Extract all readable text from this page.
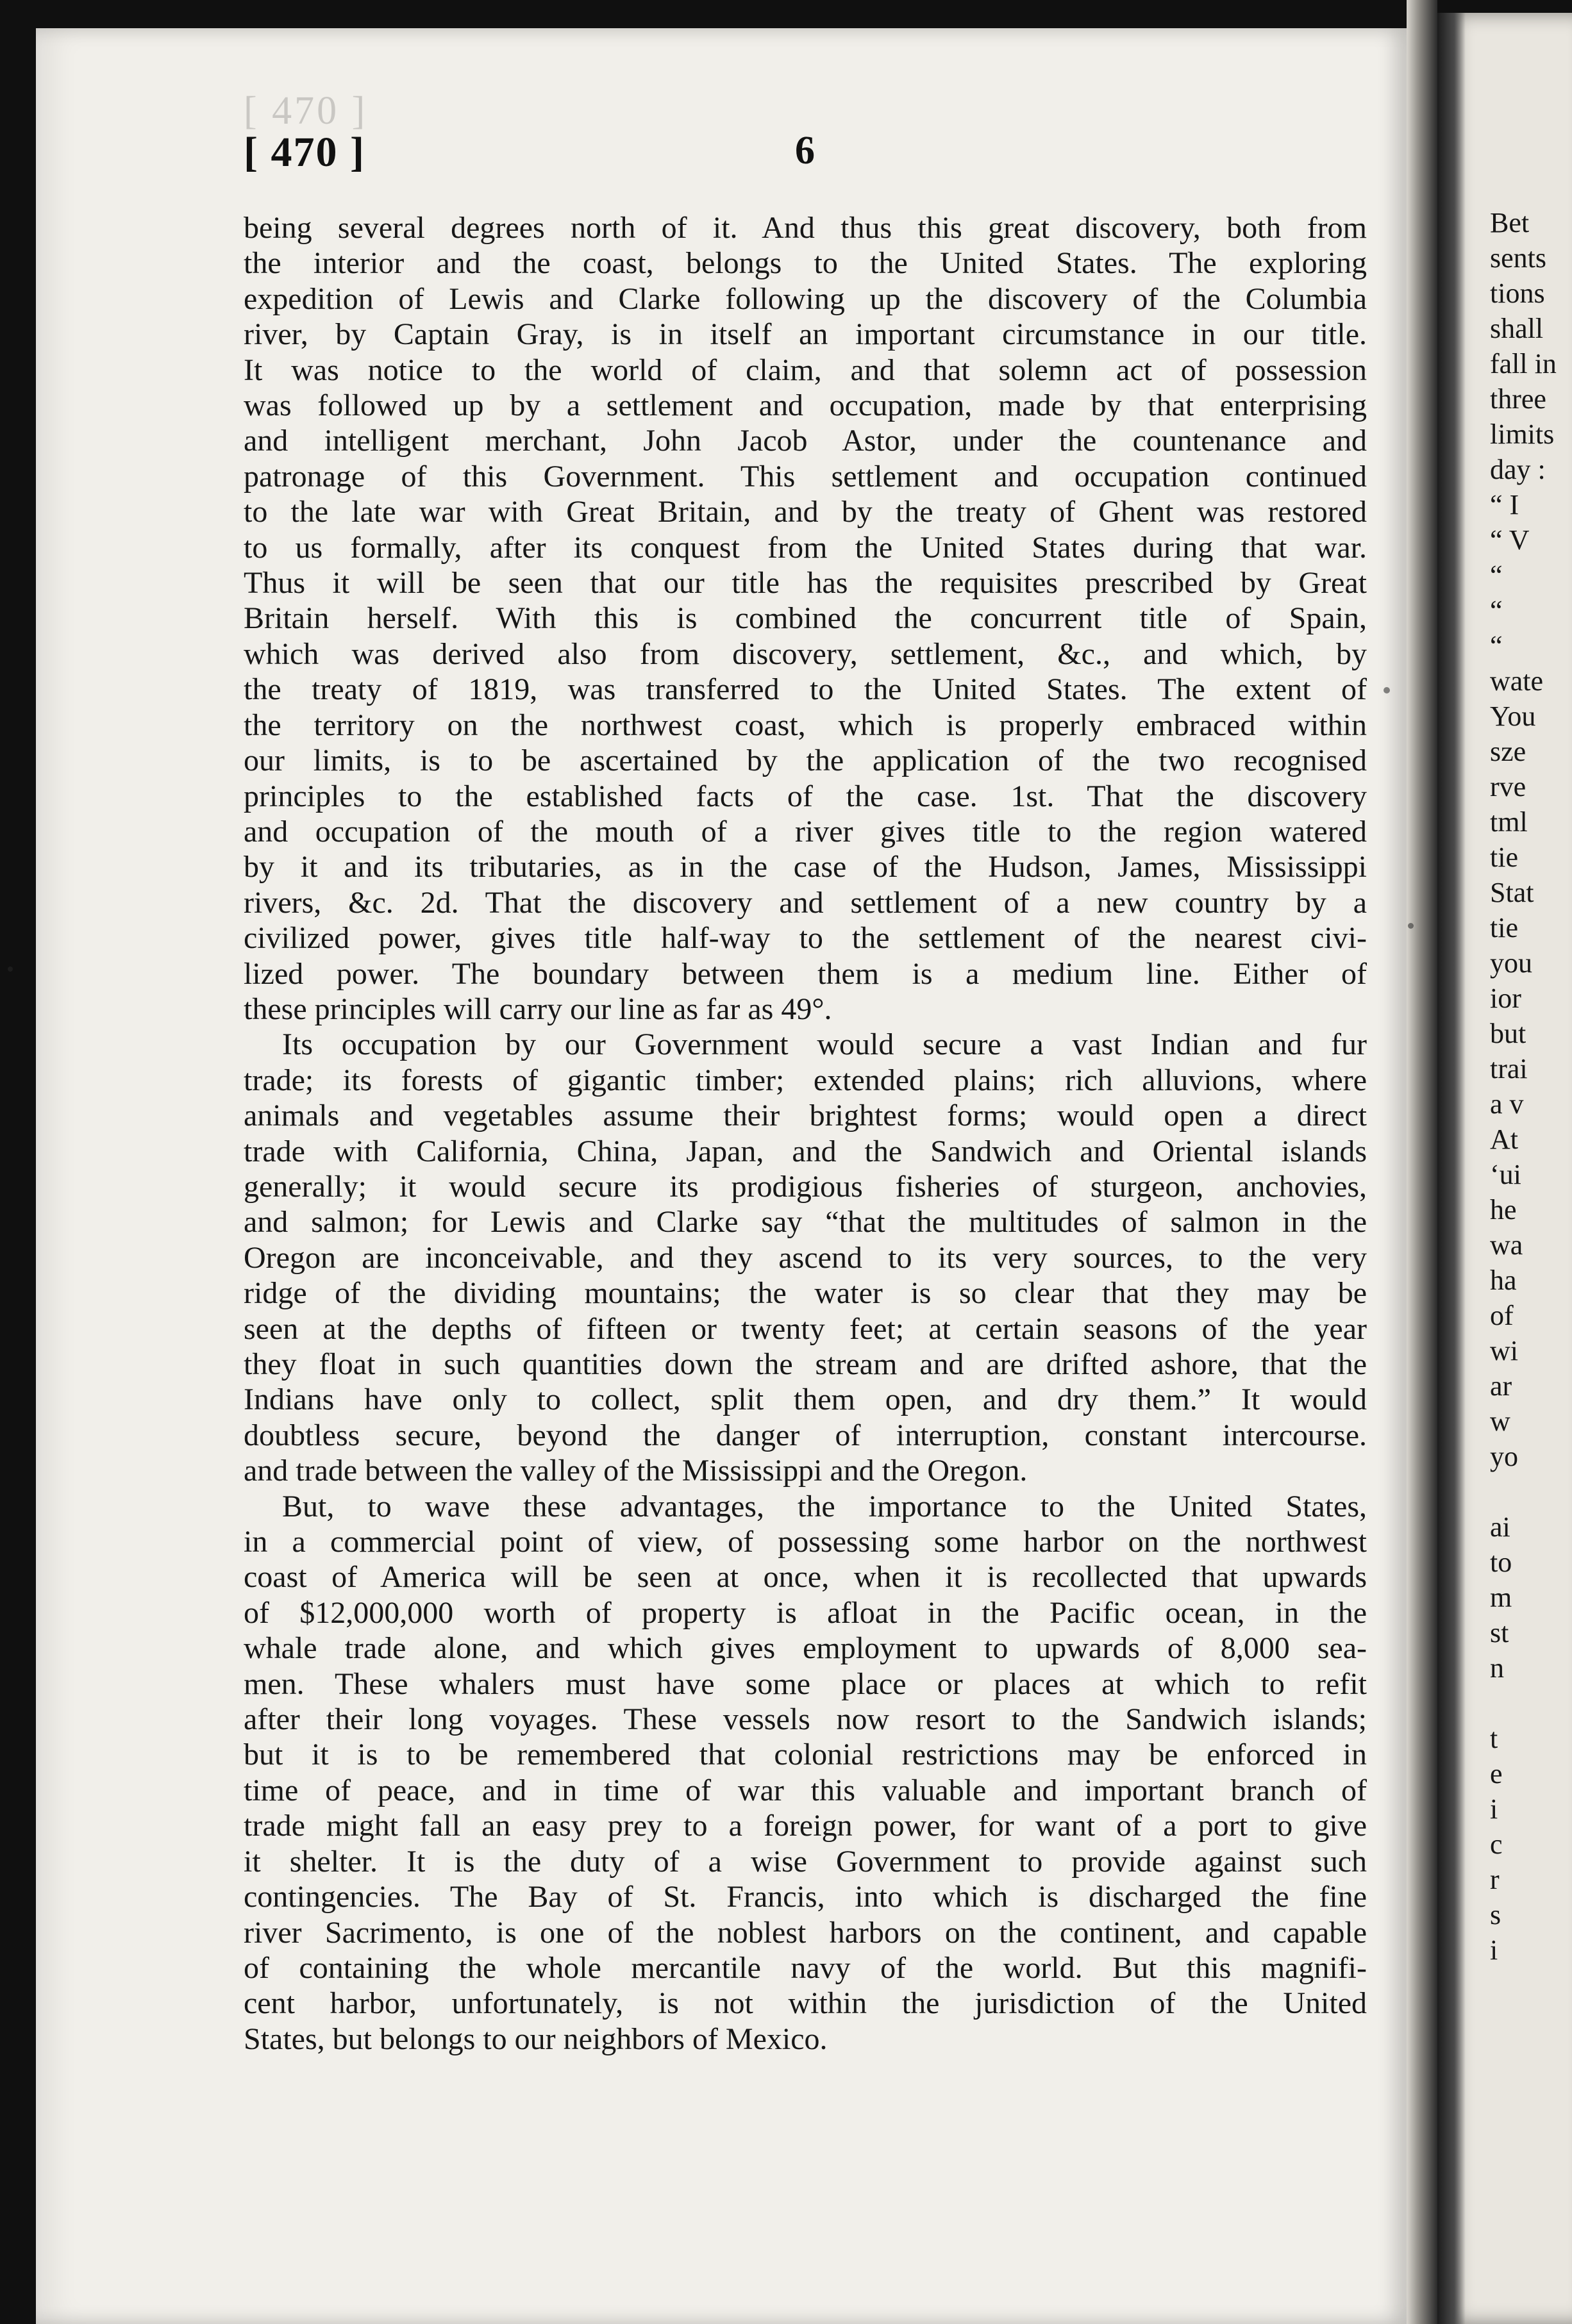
[ 470 ]
[ 470 ]	6

being several degrees north of it. And thus this great discovery, both from

the interior and the coast, belongs to the United States. The exploring

expedition of Lewis and Clarke following up the discovery of the Columbia

river, by Captain Gray, is in itself an important circumstance in our title.

It was notice to the world of claim, and that solemn act of possession

was followed up by a settlement and occupation, made by that enterprising

and intelligent merchant, John Jacob Astor, under the countenance and

patronage of this Government. This settlement and occupation continued

to the late war with Great Britain, and by the treaty of Ghent was restored

to us formally, after its conquest from the United States during that war.

Thus it will be seen that our title has the requisites prescribed by Great

Britain herself. With this is combined the concurrent title of Spain,

which was derived also from discovery, settlement, &c., and which, by

the treaty of 1819, was transferred to the United States. The extent of

the territory on the northwest coast, which is properly embraced within

our limits, is to be ascertained by the application of the two recognised

principles to the established facts of the case. 1st. That the discovery

and occupation of the mouth of a river gives title to the region watered

by it and its tributaries, as in the case of the Hudson, James, Mississippi

rivers, &c. 2d. That the discovery and settlement of a new country by a

civilized power, gives title half-way to the settlement of the nearest civi-

lized power. The boundary between them is a medium line. Either of

these principles will carry our line as far as 49°.

Its occupation by our Government would secure a vast Indian and fur

trade; its forests of gigantic timber; extended plains; rich alluvions, where

animals and vegetables assume their brightest forms; would open a direct

trade with California, China, Japan, and the Sandwich and Oriental islands

generally; it would secure its prodigious fisheries of sturgeon, anchovies,

and salmon; for Lewis and Clarke say “that the multitudes of salmon in the

Oregon are inconceivable, and they ascend to its very sources, to the very

ridge of the dividing mountains; the water is so clear that they may be

seen at the depths of fifteen or twenty feet; at certain seasons of the year

they float in such quantities down the stream and are drifted ashore, that the

Indians have only to collect, split them open, and dry them.” It would

doubtless secure, beyond the danger of interruption, constant intercourse.

and trade between the valley of the Mississippi and the Oregon.

But, to wave these advantages, the importance to the United States,

in a commercial point of view, of possessing some harbor on the northwest

coast of America will be seen at once, when it is recollected that upwards

of $12,000,000 worth of property is afloat in the Pacific ocean, in the

whale trade alone, and which gives employment to upwards of 8,000 sea-

men. These whalers must have some place or places at which to refit

after their long voyages. These vessels now resort to the Sandwich islands;

but it is to be remembered that colonial restrictions may be enforced in

time of peace, and in time of war this valuable and important branch of

trade might fall an easy prey to a foreign power, for want of a port to give

it shelter. It is the duty of a wise Government to provide against such

contingencies. The Bay of St. Francis, into which is discharged the fine

river Sacrimento, is one of the noblest harbors on the continent, and capable

of containing the whole mercantile navy of the world. But this magnifi-

cent harbor, unfortunately, is not within the jurisdiction of the United

States, but belongs to our neighbors of Mexico.

Bet
sents
tions
shall
fall in
three
limits
day :
“ I
“ V
“
“
“
wate
You
sze
rve
tml
tie
Stat
tie
you
ior
but
trai
a v
At
‘ui
he
wa
ha
of
wi
ar
w
yo
ai
to
m
st
n
t
e
i
c
r
s
i
